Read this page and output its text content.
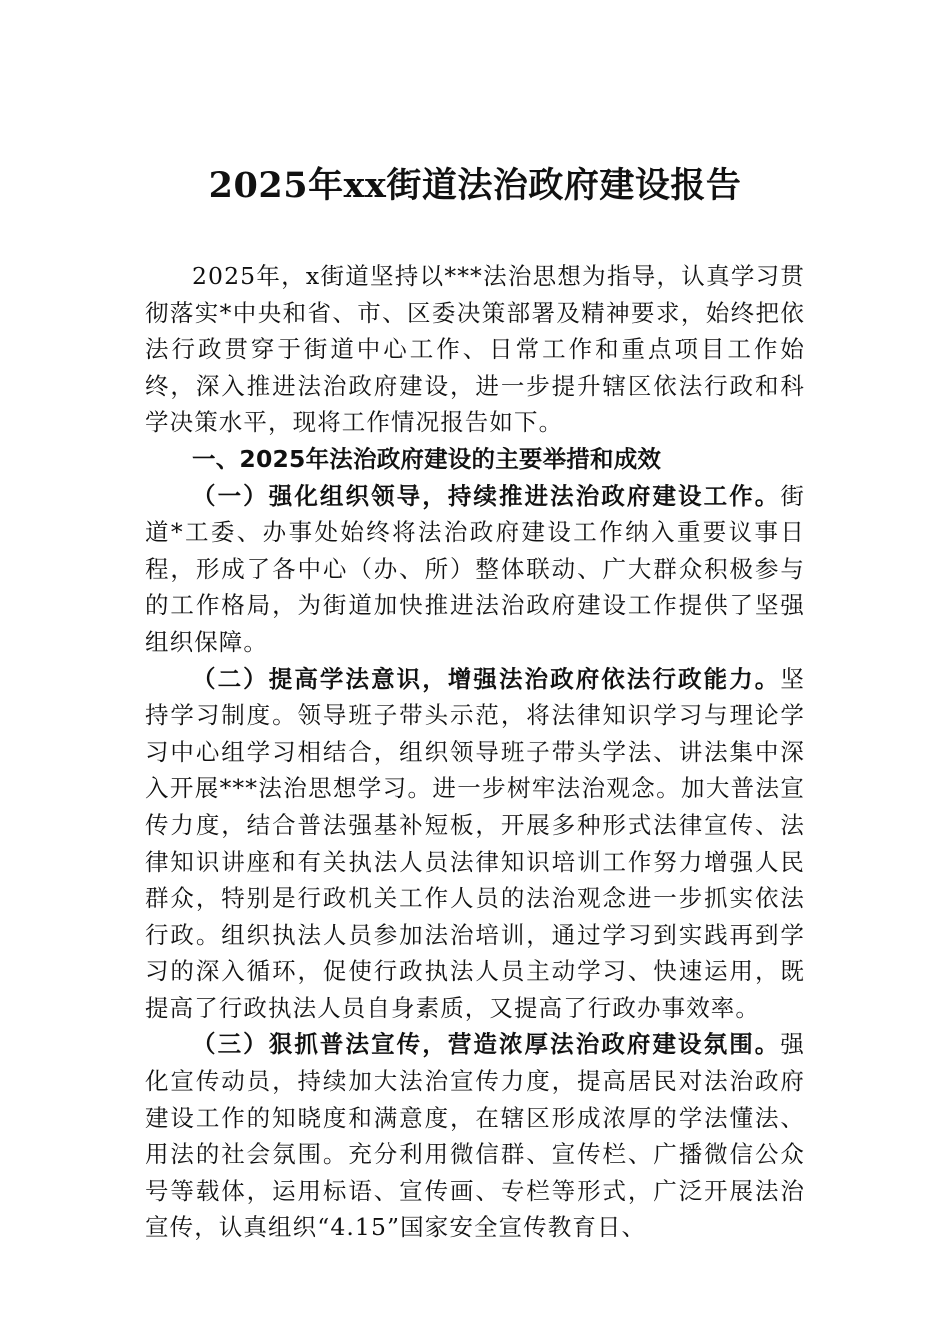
2025年xx街道法治政府建设报告

2025年，x街道坚持以***法治思想为指导，认真学习贯彻落实*中央和省、市、区委决策部署及精神要求，始终把依法行政贯穿于街道中心工作、日常工作和重点项目工作始终，深入推进法治政府建设，进一步提升辖区依法行政和科学决策水平，现将工作情况报告如下。

一、2025年法治政府建设的主要举措和成效

（一）强化组织领导，持续推进法治政府建设工作。街道*工委、办事处始终将法治政府建设工作纳入重要议事日程，形成了各中心（办、所）整体联动、广大群众积极参与的工作格局，为街道加快推进法治政府建设工作提供了坚强组织保障。

（二）提高学法意识，增强法治政府依法行政能力。坚持学习制度。领导班子带头示范，将法律知识学习与理论学习中心组学习相结合，组织领导班子带头学法、讲法集中深入开展***法治思想学习。进一步树牢法治观念。加大普法宣传力度，结合普法强基补短板，开展多种形式法律宣传、法律知识讲座和有关执法人员法律知识培训工作努力增强人民群众，特别是行政机关工作人员的法治观念进一步抓实依法行政。组织执法人员参加法治培训，通过学习到实践再到学习的深入循环，促使行政执法人员主动学习、快速运用，既提高了行政执法人员自身素质，又提高了行政办事效率。

（三）狠抓普法宣传，营造浓厚法治政府建设氛围。强化宣传动员，持续加大法治宣传力度，提高居民对法治政府建设工作的知晓度和满意度，在辖区形成浓厚的学法懂法、用法的社会氛围。充分利用微信群、宣传栏、广播微信公众号等载体，运用标语、宣传画、专栏等形式，广泛开展法治宣传，认真组织“4.15”国家安全宣传教育日、
